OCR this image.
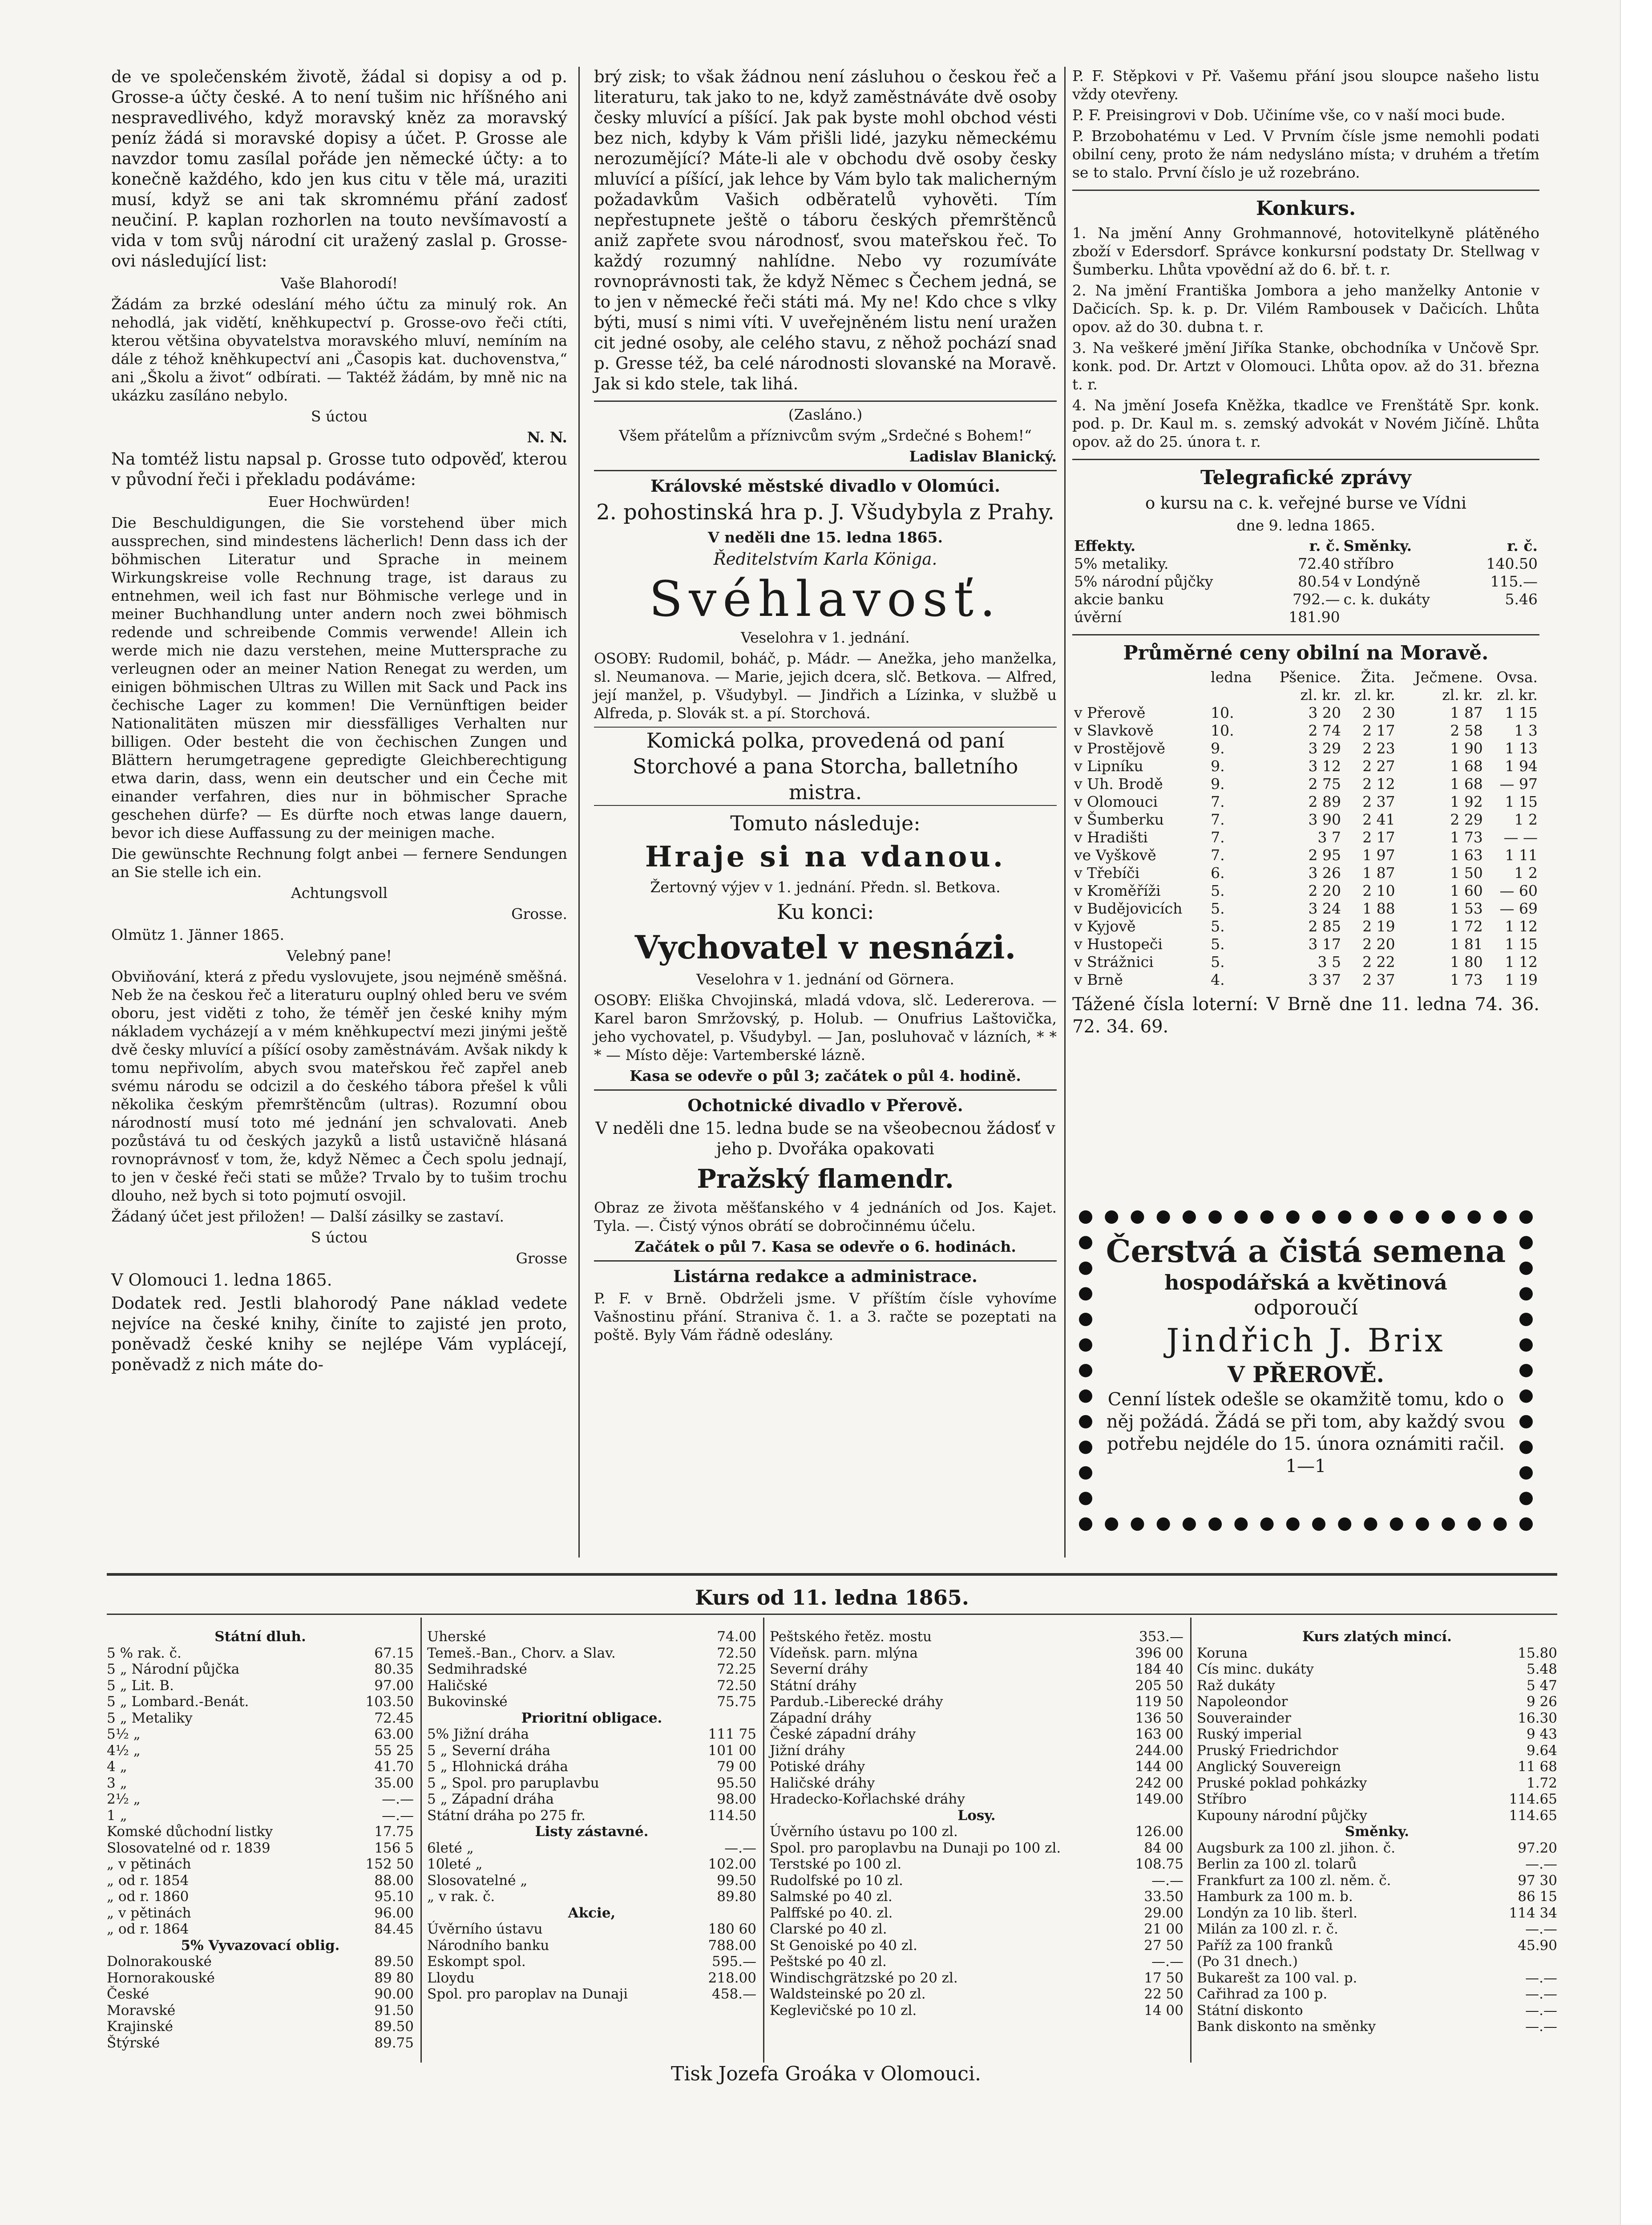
de ve společenském životě, žádal si dopisy a od p. Grosse-a účty české. A to není tušim nic hříšného ani nespravedlivého, když moravský kněz za moravský peníz žádá si moravské dopisy a účet. P. Grosse ale navzdor tomu zasílal pořáde jen německé účty: a to konečně každého, kdo jen kus citu v těle má, uraziti musí, když se ani tak skromnému přání zadosť neučiní. P. kaplan rozhorlen na touto nevšímavostí a vida v tom svůj národní cit uražený zaslal p. Grosse-ovi následující list:

Vaše Blahorodí!

Žádám za brzké odeslání mého účtu za minulý rok. An nehodlá, jak vidětí, kněhkupectví p. Grosse-ovo řeči ctíti, kterou většina obyvatelstva moravského mluví, nemíním na dále z téhož kněhkupectví ani „Časopis kat. duchovenstva,“ ani „Školu a život“ odbírati. — Taktéž žádám, by mně nic na ukázku zasíláno nebylo.

S úctou

N. N.

Na tomtéž listu napsal p. Grosse tuto odpověď, kterou v původní řeči i překladu podáváme:

Euer Hochwürden!

Die Beschuldigungen, die Sie vorstehend über mich aussprechen, sind mindestens lächerlich! Denn dass ich der böhmischen Literatur und Sprache in meinem Wirkungskreise volle Rechnung trage, ist daraus zu entnehmen, weil ich fast nur Böhmische verlege und in meiner Buchhandlung unter andern noch zwei böhmisch redende und schreibende Commis verwende! Allein ich werde mich nie dazu verstehen, meine Muttersprache zu verleugnen oder an meiner Nation Renegat zu werden, um einigen böhmischen Ultras zu Willen mit Sack und Pack ins čechische Lager zu kommen! Die Vernünftigen beider Nationalitäten müszen mir diessfälliges Verhalten nur billigen. Oder besteht die von čechischen Zungen und Blättern herumgetragene gepredigte Gleichberechtigung etwa darin, dass, wenn ein deutscher und ein Čeche mit einander verfahren, dies nur in böhmischer Sprache geschehen dürfe? — Es dürfte noch etwas lange dauern, bevor ich diese Auffassung zu der meinigen mache.

Die gewünschte Rechnung folgt anbei — fernere Sendungen an Sie stelle ich ein.

Achtungsvoll

Grosse.

Olmütz 1. Jänner 1865.

Velebný pane!

Obviňování, která z předu vyslovujete, jsou nejméně směšná. Neb že na českou řeč a literaturu ouplný ohled beru ve svém oboru, jest viděti z toho, že téměř jen české knihy mým nákladem vycházejí a v mém kněhkupectví mezi jinými ještě dvě česky mluvící a píšící osoby zaměstnávám. Avšak nikdy k tomu nepřivolím, abych svou mateřskou řeč zapřel aneb svému národu se odcizil a do českého tábora přešel k vůli několika českým přemrštěncům (ultras). Rozumní obou národností musí toto mé jednání jen schvalovati. Aneb pozůstává tu od českých jazyků a listů ustavičně hlásaná rovnoprávnosť v tom, že, když Němec a Čech spolu jednají, to jen v české řeči stati se může? Trvalo by to tušim trochu dlouho, než bych si toto pojmutí osvojil.

Žádaný účet jest přiložen! — Další zásilky se zastaví.

S úctou

Grosse

V Olomouci 1. ledna 1865.

Dodatek red. Jestli blahorodý Pane náklad vedete nejvíce na české knihy, činíte to zajisté jen proto, poněvadž české knihy se nejlépe Vám vyplácejí, poněvadž z nich máte do-

brý zisk; to však žádnou není zásluhou o českou řeč a literaturu, tak jako to ne, když zaměstnáváte dvě osoby česky mluvící a píšící. Jak pak byste mohl obchod vésti bez nich, kdyby k Vám přišli lidé, jazyku německému nerozumějící? Máte-li ale v obchodu dvě osoby česky mluvící a píšící, jak lehce by Vám bylo tak malicherným požadavkům Vašich odběratelů vyhověti. Tím nepřestupnete ještě o táboru českých přemrštěnců aniž zapřete svou národnosť, svou mateřskou řeč. To každý rozumný nahlídne. Nebo vy rozumíváte rovnoprávnosti tak, že když Němec s Čechem jedná, se to jen v německé řeči státi má. My ne! Kdo chce s vlky býti, musí s nimi víti. V uveřejněném listu není uražen cit jedné osoby, ale celého stavu, z něhož pochází snad p. Gresse též, ba celé národnosti slovanské na Moravě. Jak si kdo stele, tak lihá.

(Zasláno.)

Všem přátelům a příznivcům svým „Srdečné s Bohem!“

Ladislav Blanický.

Královské městské divadlo v Olomúci.

2. pohostinská hra p. J. Všudybyla z Prahy.

V neděli dne 15. ledna 1865.

Ředitelstvím Karla Königa.

Svéhlavosť.

Veselohra v 1. jednání.

OSOBY: Rudomil, boháč, p. Mádr. — Anežka, jeho manželka, sl. Neumanova. — Marie, jejich dcera, slč. Betkova. — Alfred, její manžel, p. Všudybyl. — Jindřich a Lízinka, v službě u Alfreda, p. Slovák st. a pí. Storchová.

Komická polka, provedená od paní Storchové a pana Storcha, balletního mistra.

Tomuto následuje:

Hraje si na vdanou.

Žertovný výjev v 1. jednání. Předn. sl. Betkova.

Ku konci:

Vychovatel v nesnázi.

Veselohra v 1. jednání od Görnera.

OSOBY: Eliška Chvojinská, mladá vdova, slč. Ledererova. — Karel baron Smržovský, p. Holub. — Onufrius Laštovička, jeho vychovatel, p. Všudybyl. — Jan, posluhovač v lázních, * * * — Místo děje: Vartemberské lázně.

Kasa se odevře o půl 3; začátek o půl 4. hodině.

Ochotnické divadlo v Přerově.

V neděli dne 15. ledna bude se na všeobecnou žádosť v jeho p. Dvořáka opakovati

Pražský flamendr.

Obraz ze života měšťanského v 4 jednáních od Jos. Kajet. Tyla. —. Čistý výnos obrátí se dobročinnému účelu.

Začátek o půl 7. Kasa se odevře o 6. hodinách.

Listárna redakce a administrace.

P. F. v Brně. Obdrželi jsme. V příštím čísle vyhovíme Vašnostinu přání. Straniva č. 1. a 3. račte se pozeptati na poště. Byly Vám řádně odeslány.

P. F. Stěpkovi v Př. Vašemu přání jsou sloupce našeho listu vždy otevřeny.

P. F. Preisingrovi v Dob. Učiníme vše, co v naší moci bude.

P. Brzobohatému v Led. V Prvním čísle jsme nemohli podati obilní ceny, proto že nám nedysláno místa; v druhém a třetím se to stalo. První číslo je už rozebráno.

Konkurs.

1. Na jmění Anny Grohmannové, hotovitelkyně plátěného zboží v Edersdorf. Správce konkursní podstaty Dr. Stellwag v Šumberku. Lhůta vpovědní až do 6. bř. t. r.

2. Na jmění Františka Jombora a jeho manželky Antonie v Dačicích. Sp. k. p. Dr. Vilém Rambousek v Dačicích. Lhůta opov. až do 30. dubna t. r.

3. Na veškeré jmění Jiříka Stanke, obchodníka v Unčově Spr. konk. pod. Dr. Artzt v Olomouci. Lhůta opov. až do 31. března t. r.

4. Na jmění Josefa Kněžka, tkadlce ve Frenštátě Spr. konk. pod. p. Dr. Kaul m. s. zemský advokát v Novém Jičíně. Lhůta opov. až do 25. února t. r.

Telegrafické zprávy

o kursu na c. k. veřejné burse ve Vídni

dne 9. ledna 1865.

Effekty.	r. č.	Směnky.	r. č.
5% metaliky.	72.40	stříbro	140.50
5% národní půjčky	80.54	v Londýně	115.—
akcie banku	792.—	c. k. dukáty	5.46
úvěrní	181.90		

Průměrné ceny obilní na Moravě.

	ledna	Pšenice.	Žita.	Ječmene.	Ovsa.
		zl. kr.	zl. kr.	zl. kr.	zl. kr.
v Přerově	10.	3 20	2 30	1 87	1 15
v Slavkově	10.	2 74	2 17	2 58	1 3
v Prostějově	9.	3 29	2 23	1 90	1 13
v Lipníku	9.	3 12	2 27	1 68	1 94
v Uh. Brodě	9.	2 75	2 12	1 68	— 97
v Olomouci	7.	2 89	2 37	1 92	1 15
v Šumberku	7.	3 90	2 41	2 29	1 2
v Hradišti	7.	3 7	2 17	1 73	— —
ve Vyškově	7.	2 95	1 97	1 63	1 11
v Třebíči	6.	3 26	1 87	1 50	1 2
v Kroměříži	5.	2 20	2 10	1 60	— 60
v Budějovicích	5.	3 24	1 88	1 53	— 69
v Kyjově	5.	2 85	2 19	1 72	1 12
v Hustopeči	5.	3 17	2 20	1 81	1 15
v Strážnici	5.	3 5	2 22	1 80	1 12
v Brně	4.	3 37	2 37	1 73	1 19

Tážené čísla loterní: V Brně dne 11. ledna 74. 36. 72. 34. 69.

Čerstvá a čistá semena
hospodářská a květinová
odporoučí
Jindřich J. Brix
V PŘEROVĚ.
Cenní lístek odešle se okamžitě tomu, kdo o něj požádá. Žádá se při tom, aby každý svou potřebu nejdéle do 15. února oznámiti račil. 1—1
Kurs od 11. ledna 1865.
Státní dluh.
5 % rak. č.	67.15
5 „ Národní půjčka	80.35
5 „ Lit. B.	97.00
5 „ Lombard.-Benát.	103.50
5 „ Metaliky	72.45
5½ „	63.00
4½ „	55 25
4 „	41.70
3 „	35.00
2½ „	—.—
1 „	—.—
Komské důchodní listky	17.75
Slosovatelné od r. 1839	156 5
„ v pětinách	152 50
„ od r. 1854	88.00
„ od r. 1860	95.10
„ v pětinách	96.00
„ od r. 1864	84.45
5% Vyvazovací oblig.
Dolnorakouské	89.50
Hornorakouské	89 80
České	90.00
Moravské	91.50
Krajinské	89.50
Štýrské	89.75
Uherské	74.00
Temeš.-Ban., Chorv. a Slav.	72.50
Sedmihradské	72.25
Haličské	72.50
Bukovinské	75.75
Prioritní obligace.
5% Jižní dráha	111 75
5 „ Severní dráha	101 00
5 „ Hlohnická dráha	79 00
5 „ Spol. pro paruplavbu	95.50
5 „ Západní dráha	98.00
Státní dráha po 275 fr.	114.50
Listy zástavné.
6leté „	—.—
10leté „	102.00
Slosovatelné „	99.50
„ v rak. č.	89.80
Akcie,
Úvěrního ústavu	180 60
Národního banku	788.00
Eskompt spol.	595.—
Lloydu	218.00
Spol. pro paroplav na Dunaji	458.—
Peštského řetěz. mostu	353.—
Vídeňsk. parn. mlýna	396 00
Severní dráhy	184 40
Státní dráhy	205 50
Pardub.-Liberecké dráhy	119 50
Západní dráhy	136 50
České západní dráhy	163 00
Jižní dráhy	244.00
Potiské dráhy	144 00
Haličské dráhy	242 00
Hradecko-Kořlachské dráhy	149.00
Losy.
Úvěrního ústavu po 100 zl.	126.00
Spol. pro paroplavbu na Dunaji po 100 zl.	84 00
Terstské po 100 zl.	108.75
Rudolfské po 10 zl.	—.—
Salmské po 40 zl.	33.50
Palffské po 40. zl.	29.00
Clarské po 40 zl.	21 00
St Genoiské po 40 zl.	27 50
Peštské po 40 zl.	—.—
Windischgrätzské po 20 zl.	17 50
Waldsteinské po 20 zl.	22 50
Keglevičské po 10 zl.	14 00
Kurs zlatých mincí.
Koruna	15.80
Cís minc. dukáty	5.48
Raž dukáty	5 47
Napoleondor	9 26
Souverainder	16.30
Ruský imperial	9 43
Pruský Friedrichdor	9.64
Anglický Souvereign	11 68
Pruské poklad pohkázky	1.72
Stříbro	114.65
Kupouny národní půjčky	114.65
Směnky.
Augsburk za 100 zl. jihon. č.	97.20
Berlin za 100 zl. tolarů	—.—
Frankfurt za 100 zl. něm. č.	97 30
Hamburk za 100 m. b.	86 15
Londýn za 10 lib. šterl.	114 34
Milán za 100 zl. r. č.	—.—
Paříž za 100 franků	45.90
(Po 31 dnech.)
Bukarešt za 100 val. p.	—.—
Cařihrad za 100 p.	—.—
Státní diskonto	—.—
Bank diskonto na směnky	—.—
Tisk Jozefa Groáka v Olomouci.
